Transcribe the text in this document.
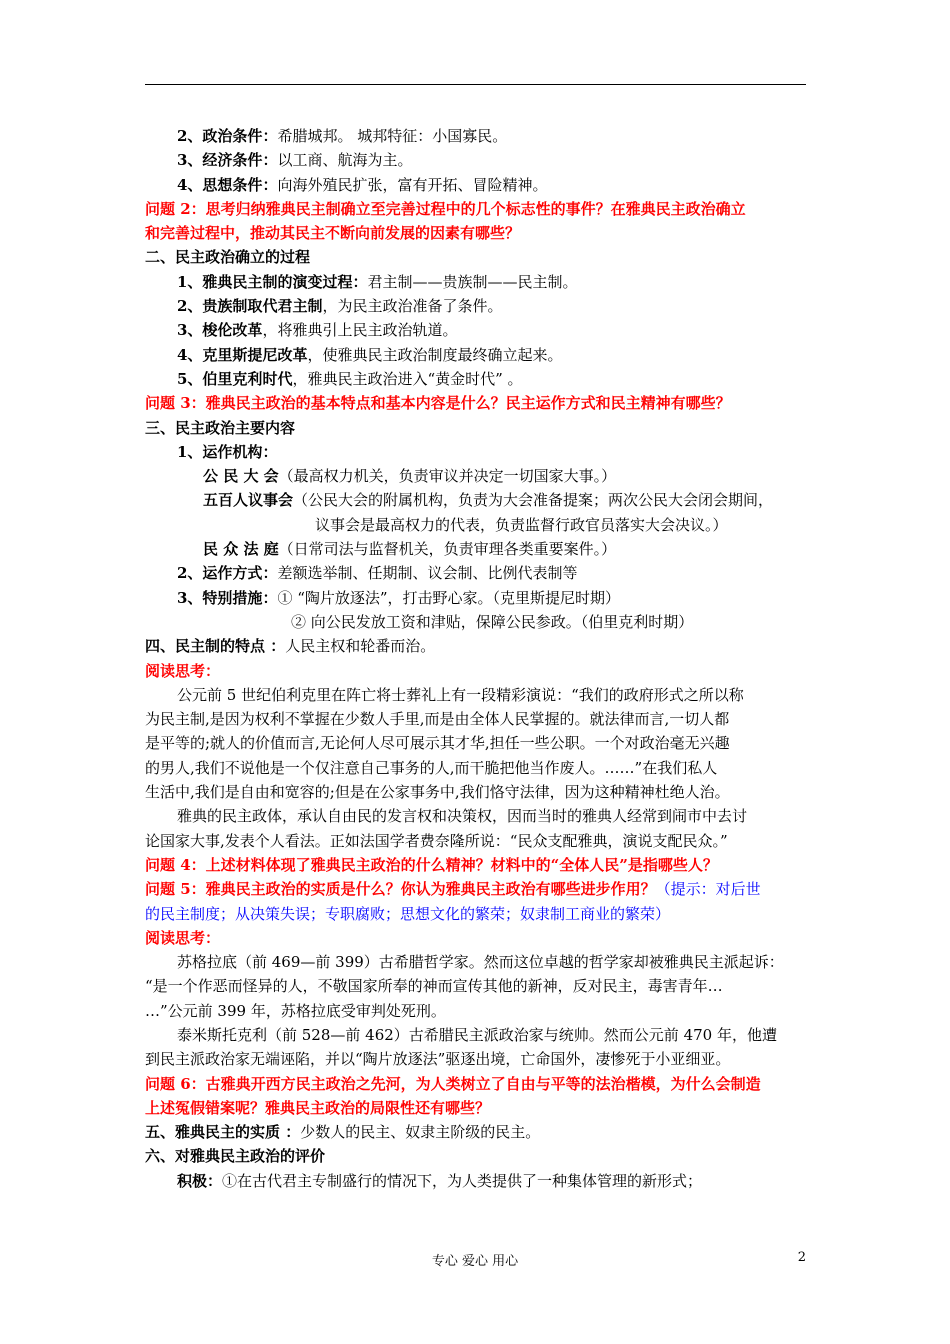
2、政治条件：希腊城邦。 城邦特征：小国寡民。
3、经济条件：以工商、航海为主。
4、思想条件：向海外殖民扩张，富有开拓、冒险精神。
问题 2：思考归纳雅典民主制确立至完善过程中的几个标志性的事件？在雅典民主政治确立
和完善过程中，推动其民主不断向前发展的因素有哪些？
二、民主政治确立的过程
1、雅典民主制的演变过程：君主制——贵族制——民主制。
2、贵族制取代君主制，为民主政治准备了条件。
3、梭伦改革，将雅典引上民主政治轨道。
4、克里斯提尼改革，使雅典民主政治制度最终确立起来。
5、伯里克利时代，雅典民主政治进入“黄金时代” 。
问题 3：雅典民主政治的基本特点和基本内容是什么？民主运作方式和民主精神有哪些？
三、民主政治主要内容
1、运作机构：
公 民 大 会（最高权力机关，负责审议并决定一切国家大事。）
五百人议事会（公民大会的附属机构，负责为大会准备提案；两次公民大会闭会期间，
议事会是最高权力的代表，负责监督行政官员落实大会决议。）
民 众 法 庭（日常司法与监督机关，负责审理各类重要案件。）
2、运作方式：差额选举制、任期制、议会制、比例代表制等
3、特别措施：① “陶片放逐法”，打击野心家。（克里斯提尼时期）
② 向公民发放工资和津贴，保障公民参政。（伯里克利时期）
四、民主制的特点 ：人民主权和轮番而治。
阅读思考：
公元前 5 世纪伯利克里在阵亡将士葬礼上有一段精彩演说：“我们的政府形式之所以称
为民主制,是因为权利不掌握在少数人手里,而是由全体人民掌握的。就法律而言,一切人都
是平等的;就人的价值而言,无论何人尽可展示其才华,担任一些公职。一个对政治毫无兴趣
的男人,我们不说他是一个仅注意自己事务的人,而干脆把他当作废人。……”在我们私人
生活中,我们是自由和宽容的;但是在公家事务中,我们恪守法律，因为这种精神杜绝人治。
雅典的民主政体，承认自由民的发言权和决策权，因而当时的雅典人经常到闹市中去讨
论国家大事,发表个人看法。正如法国学者费奈隆所说：“民众支配雅典，演说支配民众。”
问题 4：上述材料体现了雅典民主政治的什么精神？材料中的“全体人民”是指哪些人？
问题 5：雅典民主政治的实质是什么？你认为雅典民主政治有哪些进步作用？（提示：对后世
的民主制度；从决策失误；专职腐败；思想文化的繁荣；奴隶制工商业的繁荣）
阅读思考：
苏格拉底（前 469—前 399）古希腊哲学家。然而这位卓越的哲学家却被雅典民主派起诉：
“是一个作恶而怪异的人，不敬国家所奉的神而宣传其他的新神，反对民主，毒害青年…
…”公元前 399 年，苏格拉底受审判处死刑。
泰米斯托克利（前 528—前 462）古希腊民主派政治家与统帅。然而公元前 470 年，他遭
到民主派政治家无端诬陷，并以“陶片放逐法”驱逐出境，亡命国外，凄惨死于小亚细亚。
问题 6：古雅典开西方民主政治之先河，为人类树立了自由与平等的法治楷模，为什么会制造
上述冤假错案呢？雅典民主政治的局限性还有哪些？
五、雅典民主的实质 ：少数人的民主、奴隶主阶级的民主。
六、对雅典民主政治的评价
积极：①在古代君主专制盛行的情况下，为人类提供了一种集体管理的新形式；
专心 爱心 用心	2
